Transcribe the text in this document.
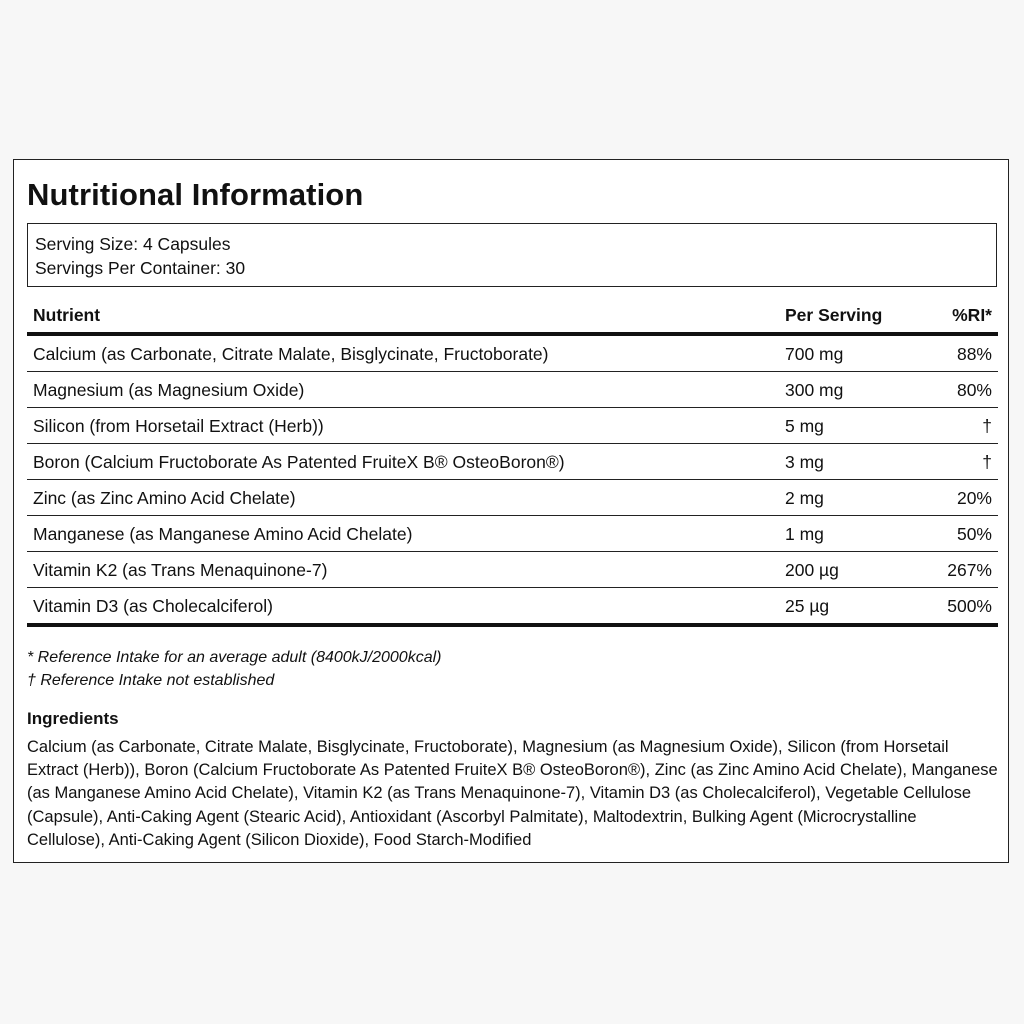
Nutritional Information
Serving Size: 4 Capsules
Servings Per Container: 30
Nutrient	Per Serving	%RI*
Calcium (as Carbonate, Citrate Malate, Bisglycinate, Fructoborate)	700 mg	88%
Magnesium (as Magnesium Oxide)	300 mg	80%
Silicon (from Horsetail Extract (Herb))	5 mg	†
Boron (Calcium Fructoborate As Patented FruiteX B® OsteoBoron®)	3 mg	†
Zinc (as Zinc Amino Acid Chelate)	2 mg	20%
Manganese (as Manganese Amino Acid Chelate)	1 mg	50%
Vitamin K2 (as Trans Menaquinone-7)	200 µg	267%
Vitamin D3 (as Cholecalciferol)	25 µg	500%
* Reference Intake for an average adult (8400kJ/2000kcal)
† Reference Intake not established
Ingredients

Calcium (as Carbonate, Citrate Malate, Bisglycinate, Fructoborate), Magnesium (as Magnesium Oxide), Silicon (from Horsetail Extract (Herb)), Boron (Calcium Fructoborate As Patented FruiteX B® OsteoBoron®), Zinc (as Zinc Amino Acid Chelate), Manganese (as Manganese Amino Acid Chelate), Vitamin K2 (as Trans Menaquinone-7), Vitamin D3 (as Cholecalciferol), Vegetable Cellulose (Capsule), Anti-Caking Agent (Stearic Acid), Antioxidant (Ascorbyl Palmitate), Maltodextrin, Bulking Agent (Microcrystalline Cellulose), Anti-Caking Agent (Silicon Dioxide), Food Starch-Modified
